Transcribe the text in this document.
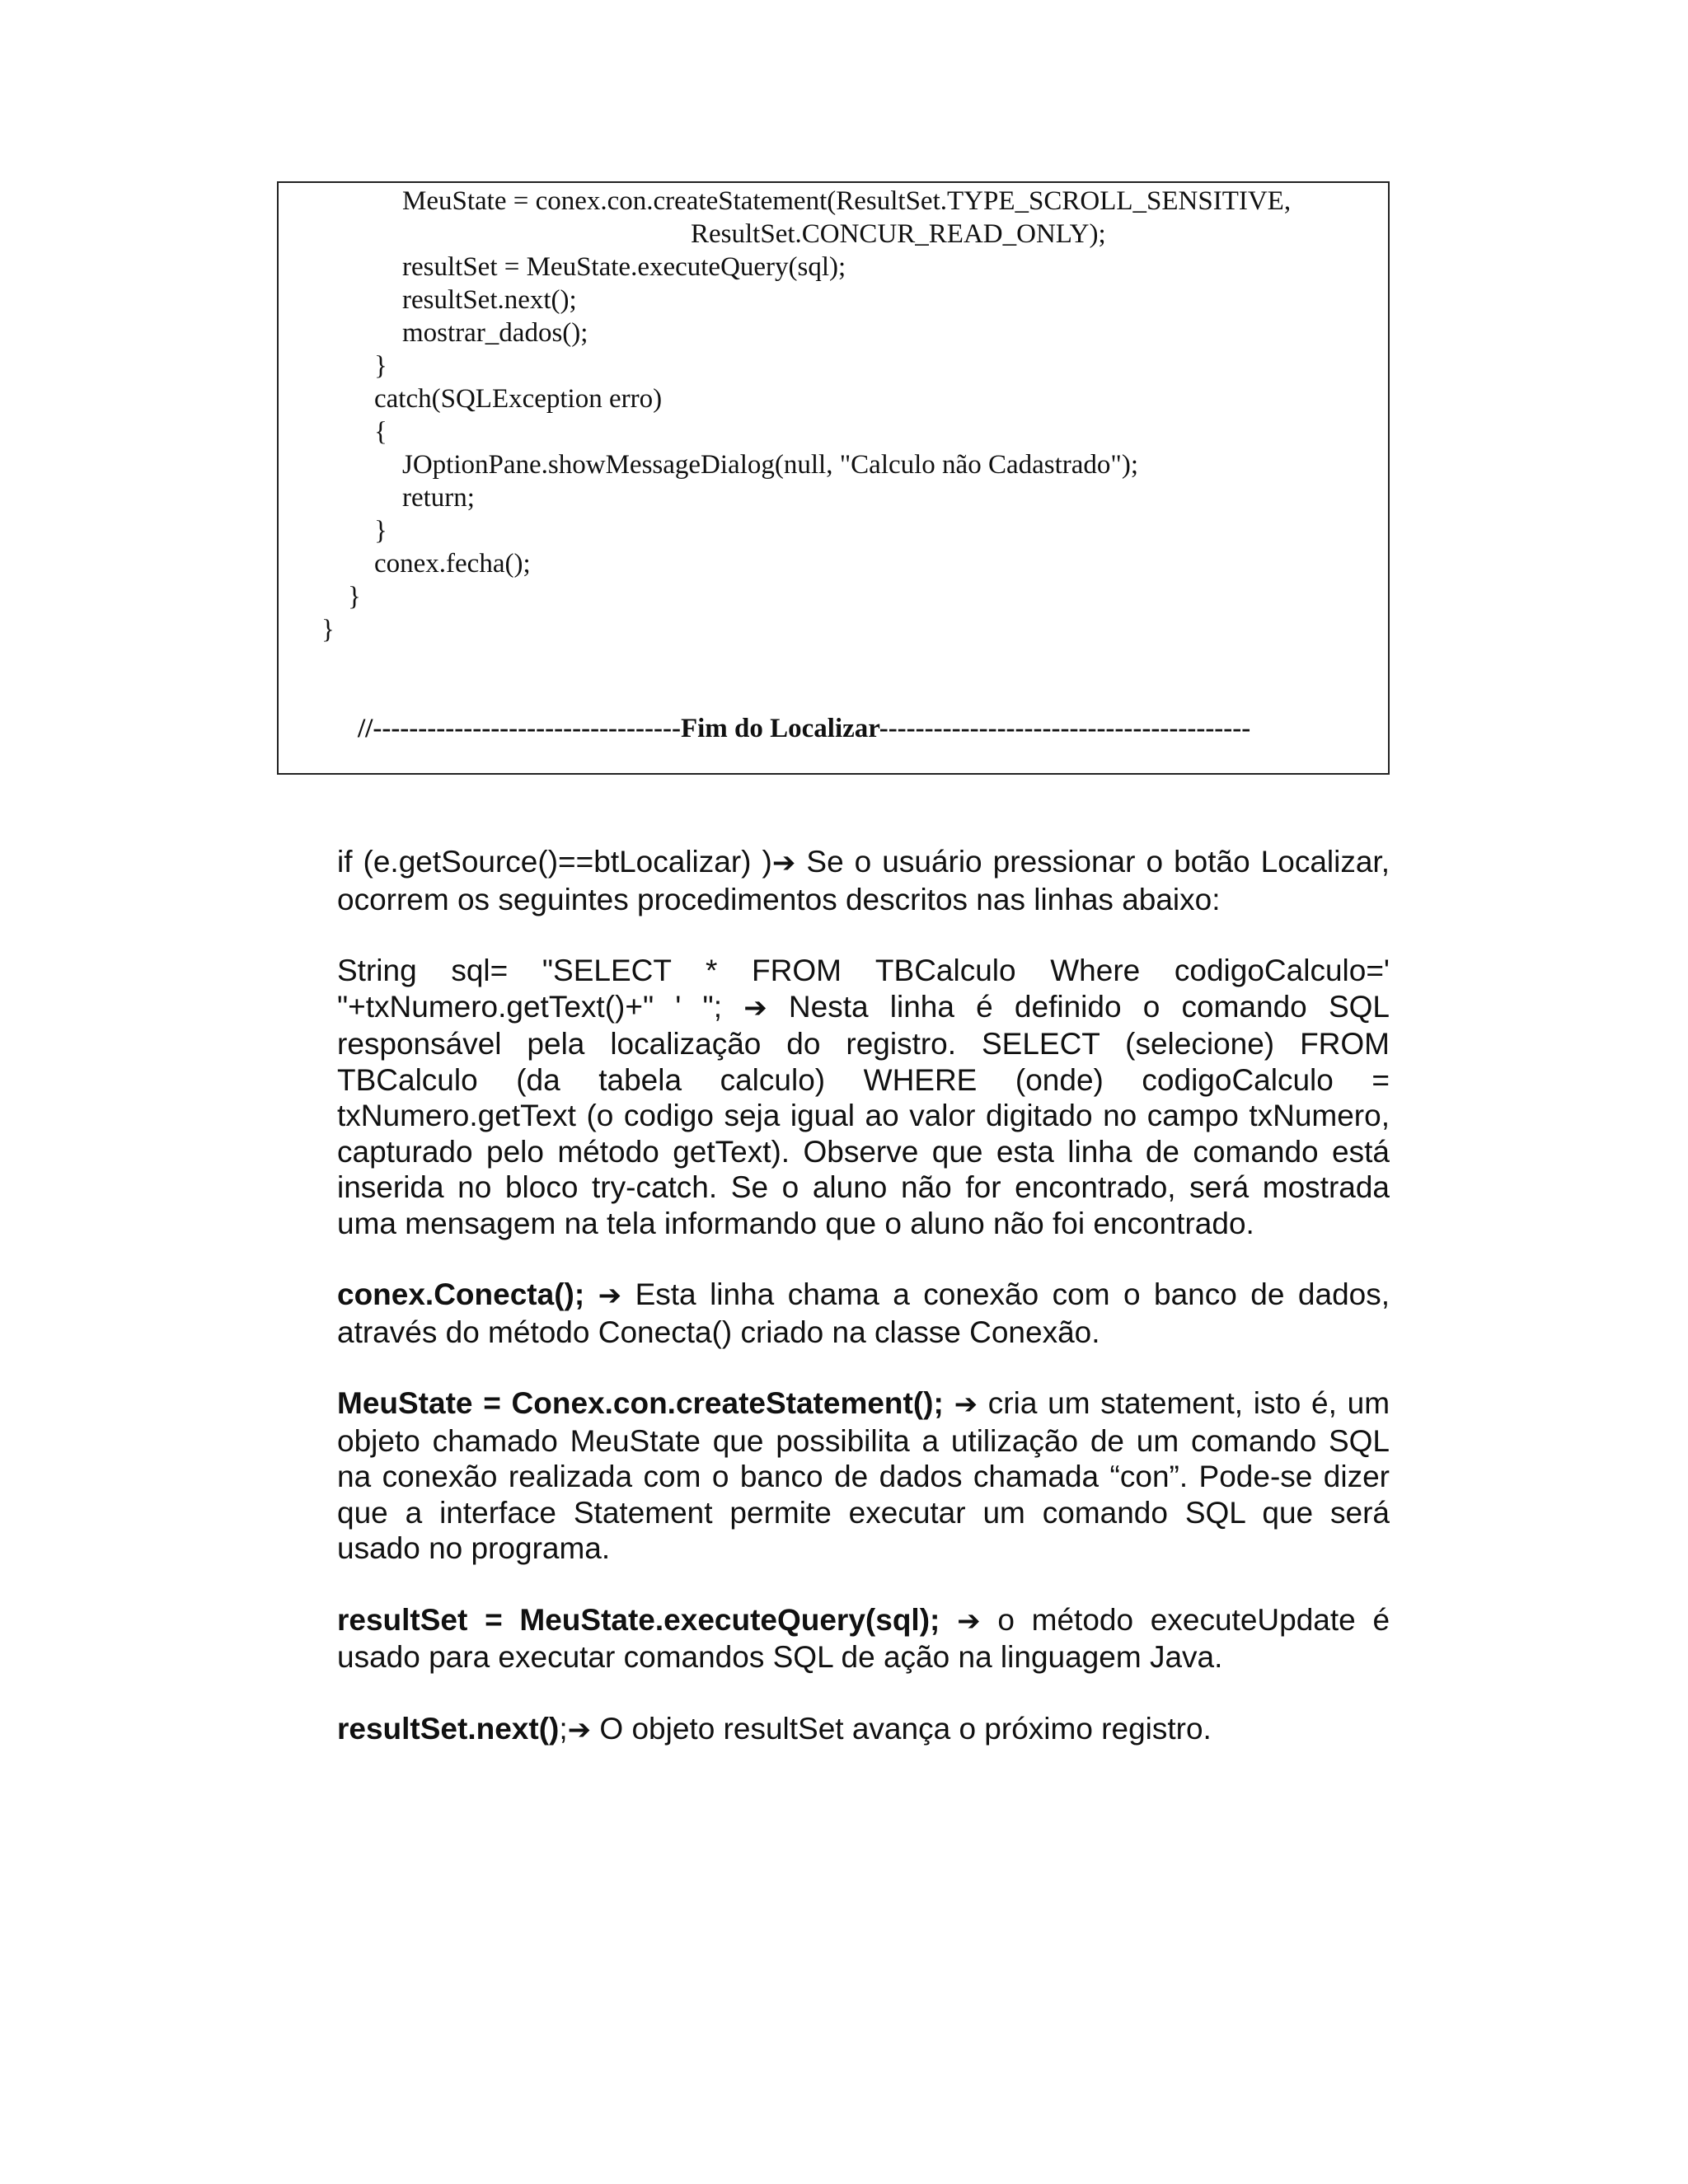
MeuState = conex.con.createStatement(ResultSet.TYPE_SCROLL_SENSITIVE,
ResultSet.CONCUR_READ_ONLY);
resultSet = MeuState.executeQuery(sql);
resultSet.next();
mostrar_dados();
}
catch(SQLException erro)
{
JOptionPane.showMessageDialog(null, "Calculo não Cadastrado");
return;
}
conex.fecha();
}
}
//----------------------------------Fim do Localizar-----------------------------------------

if (e.getSource()==btLocalizar) )➔ Se o usuário pressionar o botão Localizar, ocorrem os seguintes procedimentos descritos nas linhas abaixo:

String sql= "SELECT * FROM TBCalculo Where codigoCalculo=' "+txNumero.getText()+" ' "; ➔ Nesta linha é definido o comando SQL responsável pela localização do registro. SELECT (selecione) FROM TBCalculo (da tabela calculo) WHERE (onde) codigoCalculo = txNumero.getText (o codigo seja igual ao valor digitado no campo txNumero, capturado pelo método getText). Observe que esta linha de comando está inserida no bloco try-catch. Se o aluno não for encontrado, será mostrada uma mensagem na tela informando que o aluno não foi encontrado.

conex.Conecta(); ➔ Esta linha chama a conexão com o banco de dados, através do método Conecta() criado na classe Conexão.

MeuState = Conex.con.createStatement(); ➔ cria um statement, isto é, um objeto chamado MeuState que possibilita a utilização de um comando SQL na conexão realizada com o banco de dados chamada “con”. Pode-se dizer que a interface Statement permite executar um comando SQL que será usado no programa.

resultSet = MeuState.executeQuery(sql); ➔ o método executeUpdate é usado para executar comandos SQL de ação na linguagem Java.

resultSet.next();➔ O objeto resultSet avança o próximo registro.
